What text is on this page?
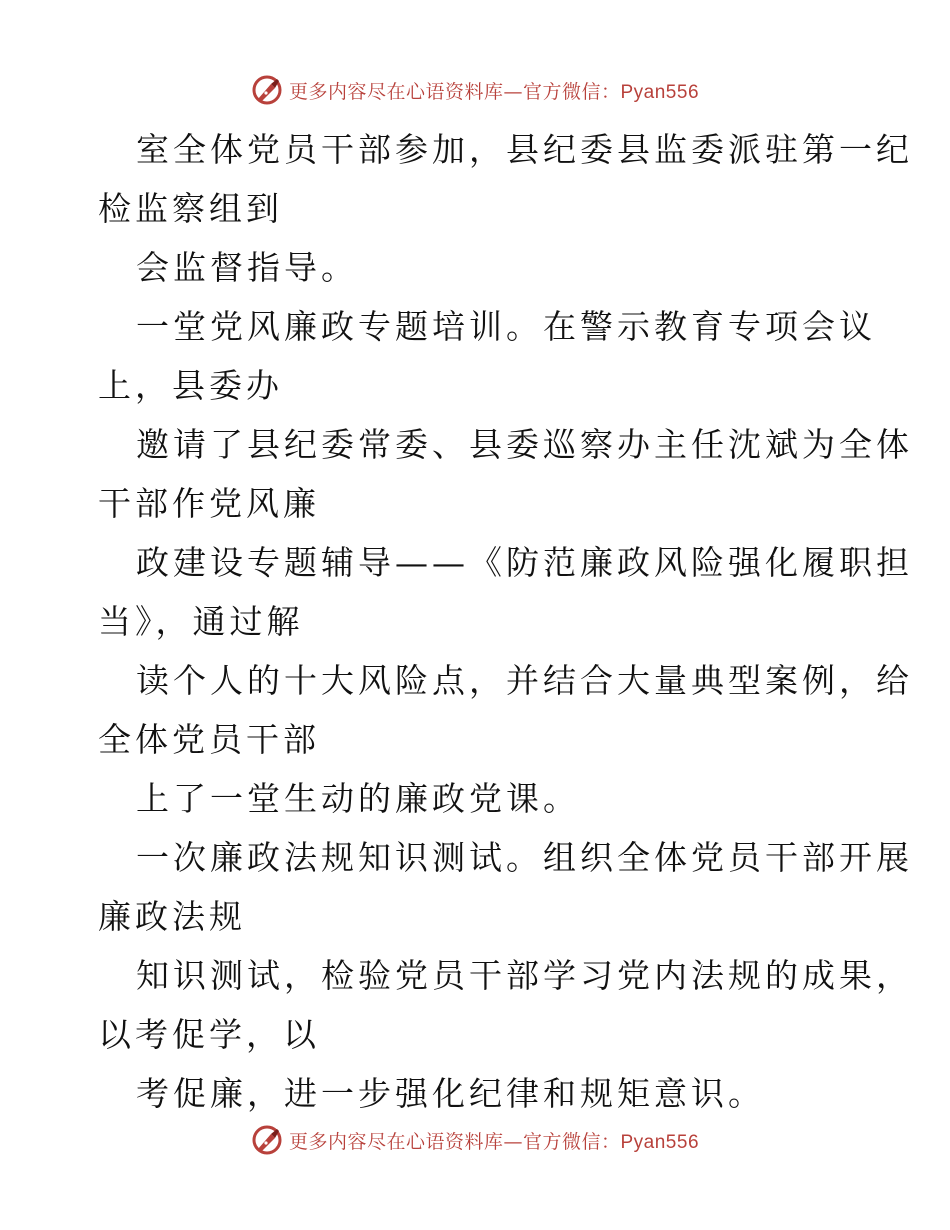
更多内容尽在心语资料库—官方微信：Pyan556
室全体党员干部参加，县纪委县监委派驻第一纪
检监察组到
会监督指导。
一堂党风廉政专题培训。在警示教育专项会议
上，县委办
邀请了县纪委常委、县委巡察办主任沈斌为全体
干部作党风廉
政建设专题辅导——《防范廉政风险强化履职担
当》，通过解
读个人的十大风险点，并结合大量典型案例，给
全体党员干部
上了一堂生动的廉政党课。
一次廉政法规知识测试。组织全体党员干部开展
廉政法规
知识测试，检验党员干部学习党内法规的成果，
以考促学，以
考促廉，进一步强化纪律和规矩意识。
更多内容尽在心语资料库—官方微信：Pyan556
